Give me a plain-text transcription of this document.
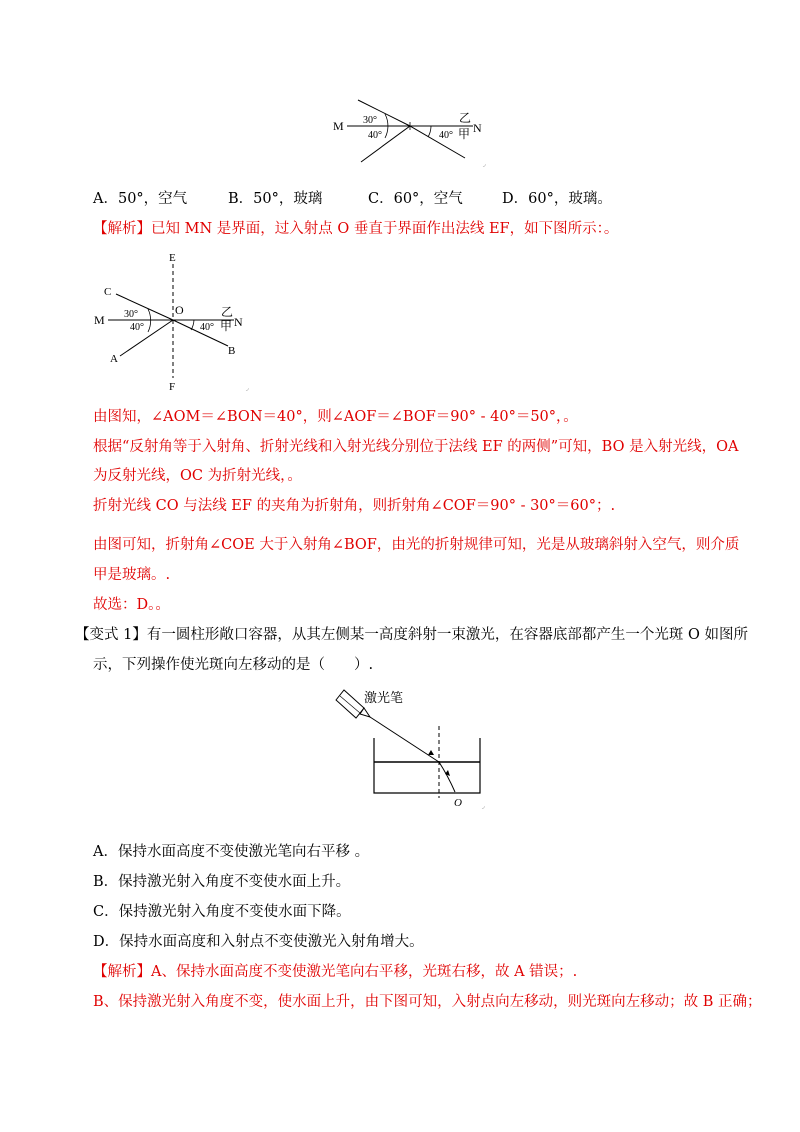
M	N
30°
40°	40°
乙
甲
◞
A．50°，空气	B．50°，玻璃	C．60°，空气	D．60°，玻璃。
【解析】已知 MN 是界面，过入射点 O 垂直于界面作出法线 EF，如下图所示：。
E
F
C
O
M	N
A
B
30°
40°	40°
乙
甲
◞
由图知，∠AOM＝∠BON＝40°，则∠AOF＝∠BOF＝90° - 40°＝50°，。
根据“反射角等于入射角、折射光线和入射光线分别位于法线 EF 的两侧”可知，BO 是入射光线，OA
为反射光线，OC 为折射光线，。
折射光线 CO 与法线 EF 的夹角为折射角，则折射角∠COF＝90° - 30°＝60°；.
由图可知，折射角∠COE 大于入射角∠BOF，由光的折射规律可知，光是从玻璃斜射入空气，则介质
甲是玻璃。.
故选：D。。
【变式 1】有一圆柱形敞口容器，从其左侧某一高度斜射一束激光，在容器底部都产生一个光斑 O 如图所
示，下列操作使光斑向左移动的是（　　）.
激光笔
O	◞
A．保持水面高度不变使激光笔向右平移 。
B．保持激光射入角度不变使水面上升。
C．保持激光射入角度不变使水面下降。
D．保持水面高度和入射点不变使激光入射角增大。
【解析】A、保持水面高度不变使激光笔向右平移，光斑右移，故 A 错误；.
B、保持激光射入角度不变，使水面上升，由下图可知，入射点向左移动，则光斑向左移动；故 B 正确；
